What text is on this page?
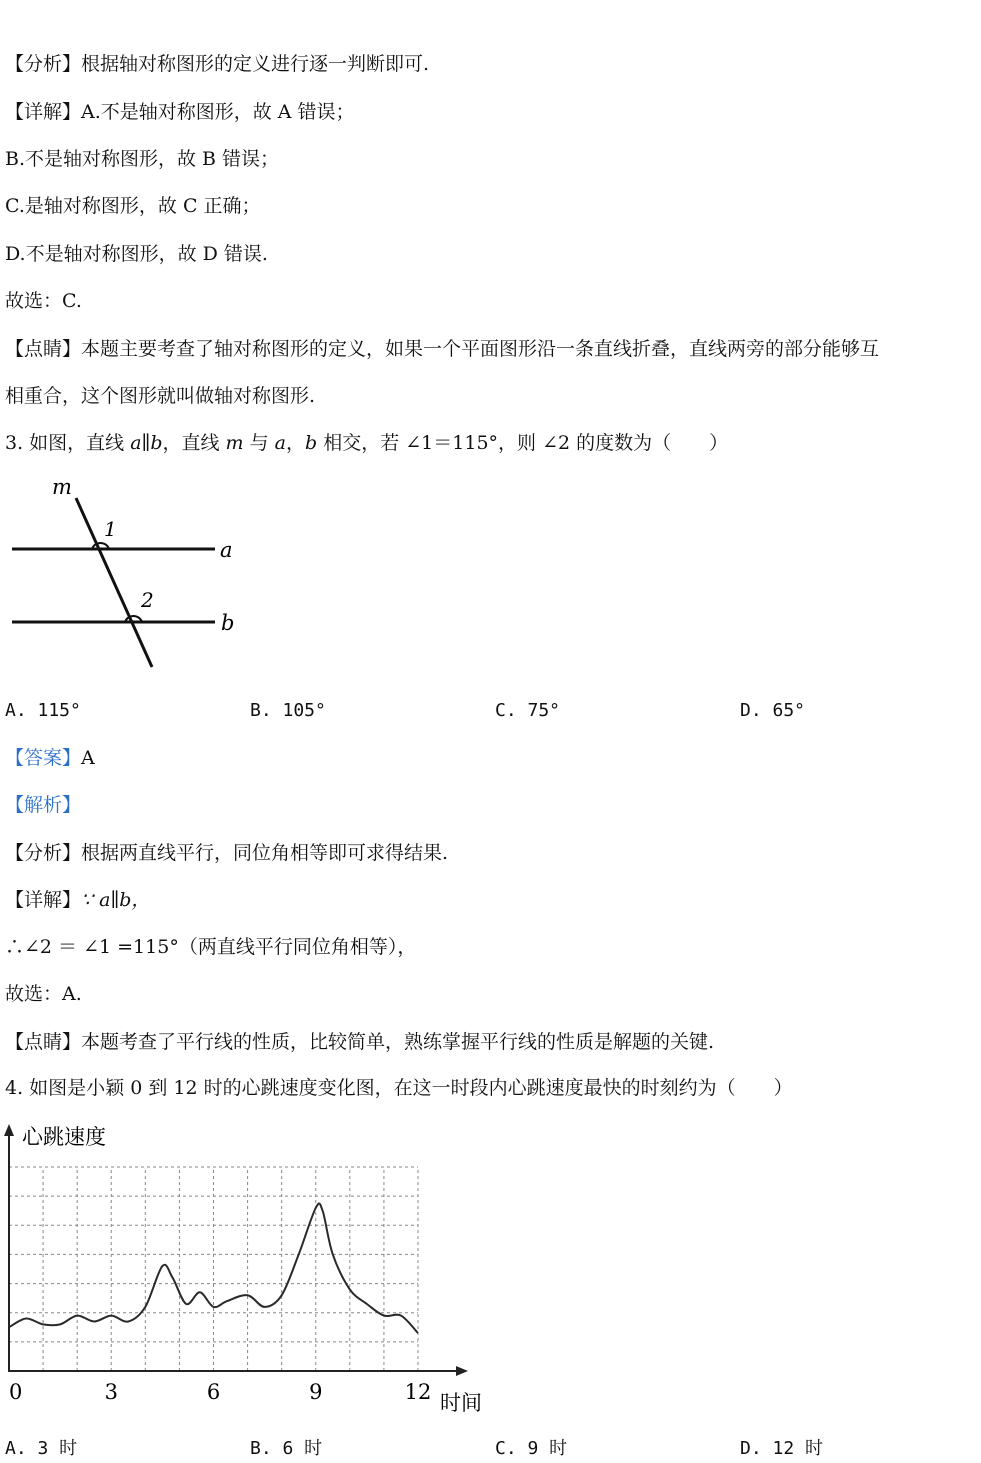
【分析】根据轴对称图形的定义进行逐一判断即可.
【详解】A.不是轴对称图形，故 A 错误；
B.不是轴对称图形，故 B 错误；
C.是轴对称图形，故 C 正确；
D.不是轴对称图形，故 D 错误.
故选：C.
【点睛】本题主要考查了轴对称图形的定义，如果一个平面图形沿一条直线折叠，直线两旁的部分能够互
相重合，这个图形就叫做轴对称图形.
3. 如图，直线 a∥b，直线 m 与 a，b 相交，若 ∠1＝115°，则 ∠2 的度数为（　　）
m
1
2
a
b
A. 115°	B. 105°	C. 75°	D. 65°
【答案】A
【解析】
【分析】根据两直线平行，同位角相等即可求得结果.
【详解】∵ a∥b，
∴∠2 ＝ ∠1 =115°（两直线平行同位角相等），
故选：A.
【点睛】本题考查了平行线的性质，比较简单，熟练掌握平行线的性质是解题的关键.
4. 如图是小颖 0 到 12 时的心跳速度变化图，在这一时段内心跳速度最快的时刻约为（　　）
心跳速度
时间
0	3	6	9	12
A. 3 时	B. 6 时	C. 9 时	D. 12 时
